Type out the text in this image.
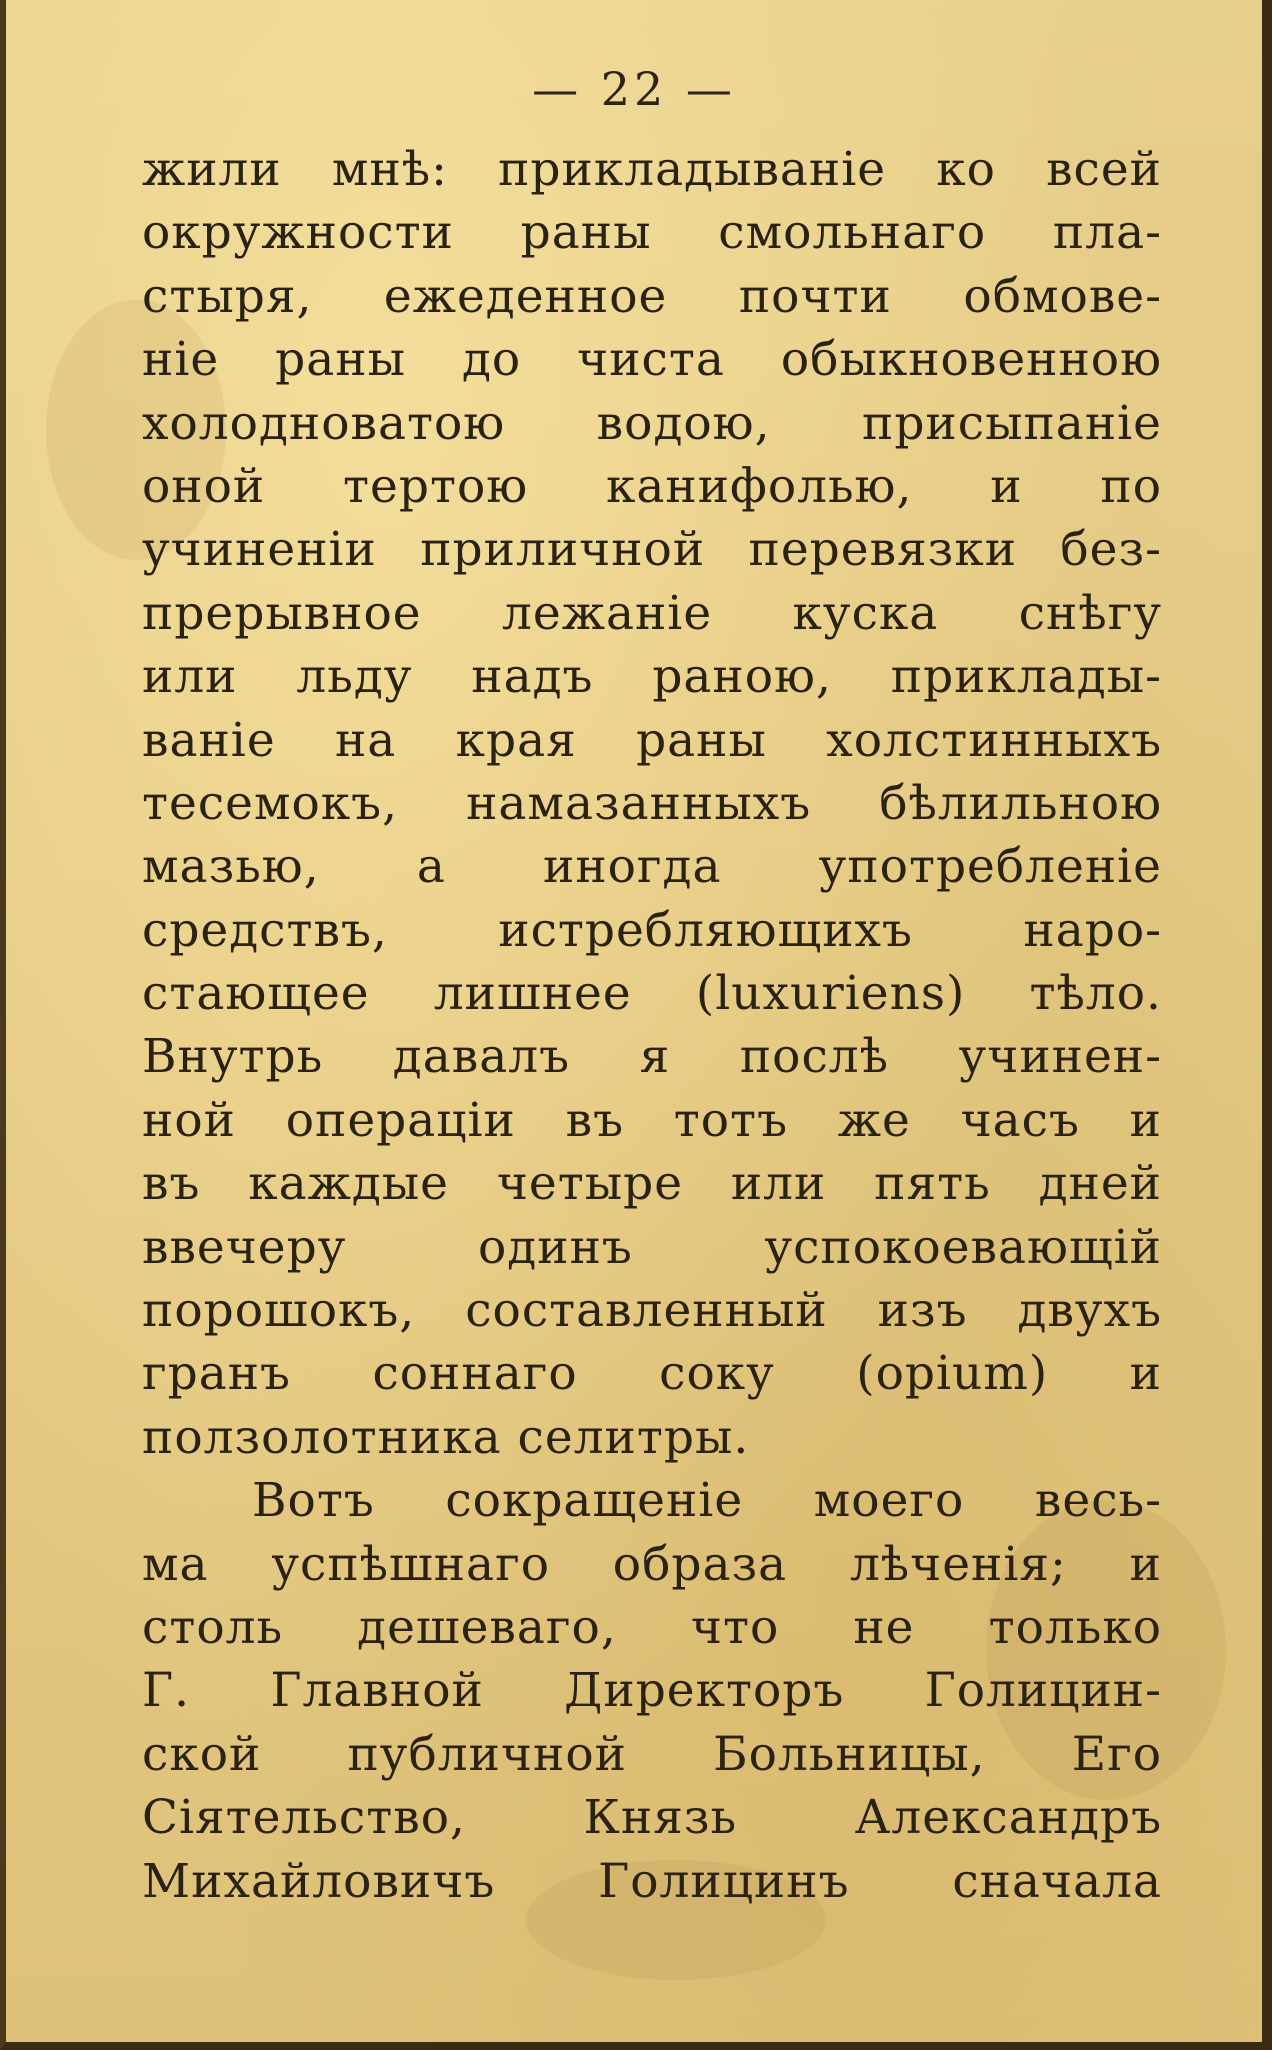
— 22 —
жили мнѣ: прикладываніе ко всей
окружности раны смольнаго пла-
стыря, ежеденное почти обмове-
ніе раны до чиста обыкновенною
холодноватою водою, присыпаніе
оной тертою канифолью, и по
учиненіи приличной перевязки без-
прерывное лежаніе куска снѣгу
или льду надъ раною, приклады-
ваніе на края раны холстинныхъ
тесемокъ, намазанныхъ бѣлильною
мазью, а иногда употребленіе
средствъ, истребляющихъ наро-
стающее лишнее (luxuriens) тѣло.
Внутрь давалъ я послѣ учинен-
ной операціи въ тотъ же часъ и
въ каждые четыре или пять дней
ввечеру одинъ успокоевающій
порошокъ, составленный изъ двухъ
гранъ соннаго соку (opium) и
ползолотника селитры.
Вотъ сокращеніе моего весь-
ма успѣшнаго образа лѣченія; и
столь дешеваго, что не только
Г. Главной Директоръ Голицин-
ской публичной Больницы, Его
Сіятельство, Князь Александръ
Михайловичъ Голицинъ сначала
